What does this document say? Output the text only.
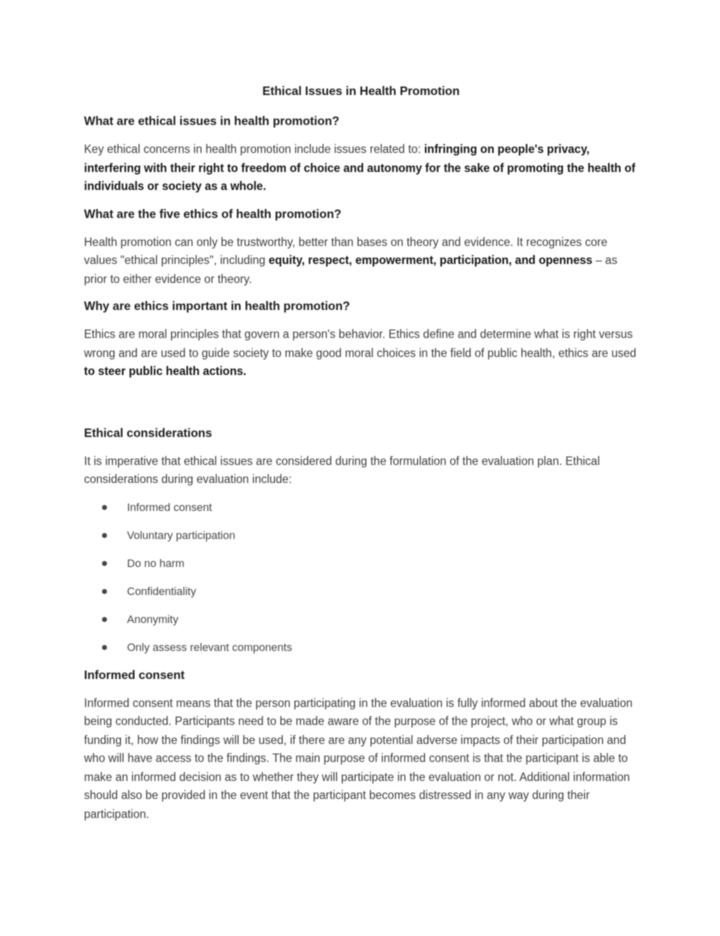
Ethical Issues in Health Promotion
What are ethical issues in health promotion?

Key ethical concerns in health promotion include issues related to: infringing on people's privacy, interfering with their right to freedom of choice and autonomy for the sake of promoting the health of individuals or society as a whole.

What are the five ethics of health promotion?

Health promotion can only be trustworthy, better than bases on theory and evidence. It recognizes core values "ethical principles", including equity, respect, empowerment, participation, and openness – as prior to either evidence or theory.

Why are ethics important in health promotion?

Ethics are moral principles that govern a person's behavior. Ethics define and determine what is right versus wrong and are used to guide society to make good moral choices in the field of public health, ethics are used to steer public health actions.

Ethical considerations

It is imperative that ethical issues are considered during the formulation of the evaluation plan. Ethical considerations during evaluation include:

Informed consent
Voluntary participation
Do no harm
Confidentiality
Anonymity
Only assess relevant components
Informed consent

Informed consent means that the person participating in the evaluation is fully informed about the evaluation being conducted. Participants need to be made aware of the purpose of the project, who or what group is funding it, how the findings will be used, if there are any potential adverse impacts of their participation and who will have access to the findings. The main purpose of informed consent is that the participant is able to make an informed decision as to whether they will participate in the evaluation or not. Additional information should also be provided in the event that the participant becomes distressed in any way during their participation.
